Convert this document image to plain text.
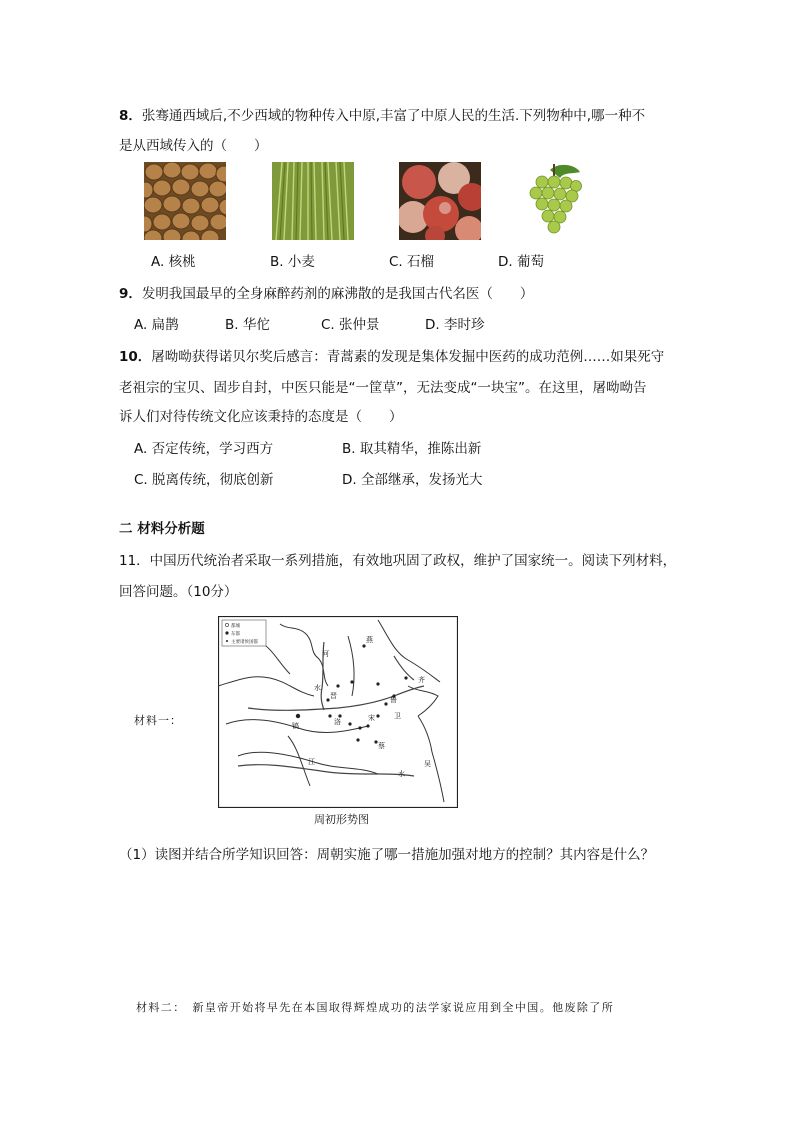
8．张骞通西域后,不少西域的物种传入中原,丰富了中原人民的生活.下列物种中,哪一种不
是从西域传入的（　　）
A. 核桃	B. 小麦	C. 石榴	D. 葡萄
9．发明我国最早的全身麻醉药剂的麻沸散的是我国古代名医（　　）
A. 扁鹊	B. 华佗	C. 张仲景	D. 李时珍
10．屠呦呦获得诺贝尔奖后感言：青蒿素的发现是集体发掘中医药的成功范例……如果死守
老祖宗的宝贝、固步自封，中医只能是“一筐草”，无法变成“一块宝”。在这里，屠呦呦告
诉人们对待传统文化应该秉持的态度是（　　）
A. 否定传统，学习西方	B. 取其精华，推陈出新
C. 脱离传统，彻底创新	D. 全部继承，发扬光大
二 材料分析题
11．中国历代统治者采取一系列措施，有效地巩固了政权，维护了国家统一。阅读下列材料，
回答问题。（10分）
材料一：
都城
东都
主要诸侯国都	燕
河
水
晋
齐
鲁
镐	洛	宋
蔡
江
水
吴
卫
周初形势图
（1）读图并结合所学知识回答：周朝实施了哪一措施加强对地方的控制？其内容是什么？
材料二：　新皇帝开始将早先在本国取得辉煌成功的法学家说应用到全中国。他废除了所
